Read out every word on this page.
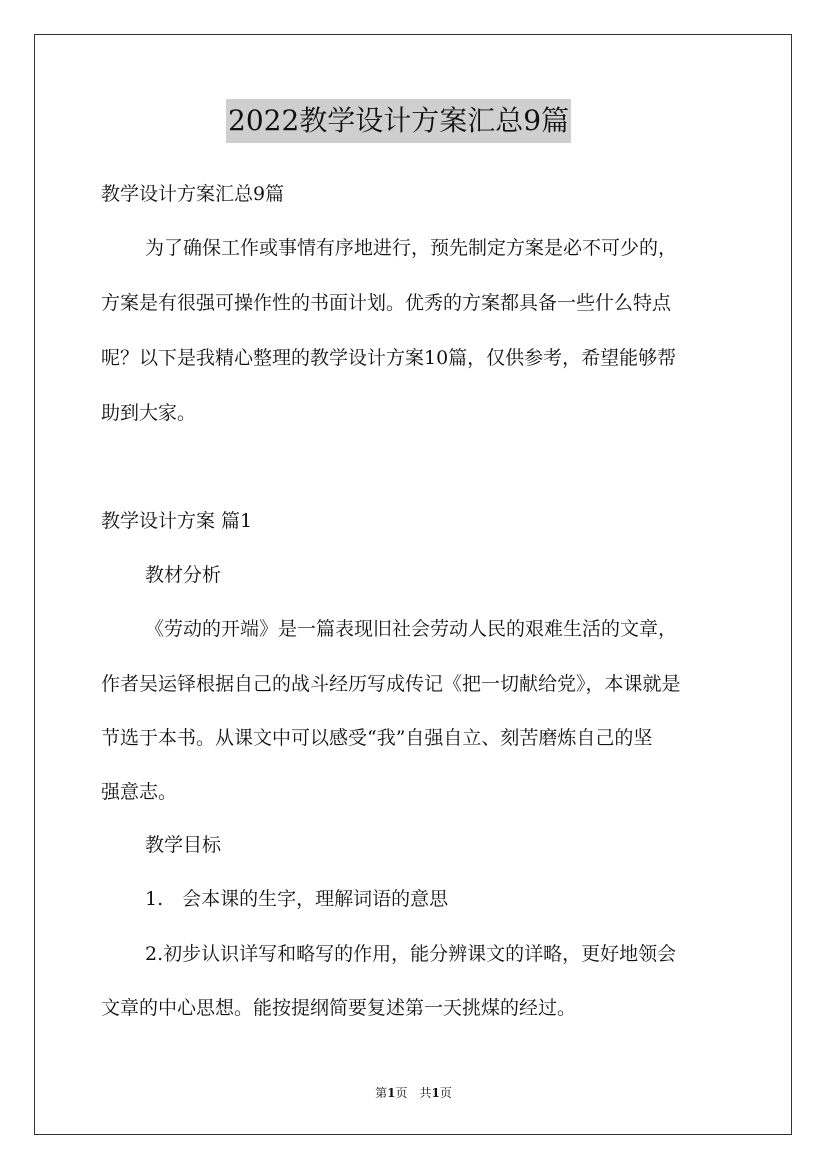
2022教学设计方案汇总9篇

教学设计方案汇总9篇

为了确保工作或事情有序地进行，预先制定方案是必不可少的，

方案是有很强可操作性的书面计划。优秀的方案都具备一些什么特点

呢？以下是我精心整理的教学设计方案10篇，仅供参考，希望能够帮

助到大家。

教学设计方案 篇1

教材分析

《劳动的开端》是一篇表现旧社会劳动人民的艰难生活的文章，

作者吴运铎根据自己的战斗经历写成传记《把一切献给党》，本课就是

节选于本书。从课文中可以感受“我”自强自立、刻苦磨炼自己的坚

强意志。

教学目标

1.　会本课的生字，理解词语的意思

2.初步认识详写和略写的作用，能分辨课文的详略，更好地领会

文章的中心思想。能按提纲简要复述第一天挑煤的经过。

第1页　共1页
